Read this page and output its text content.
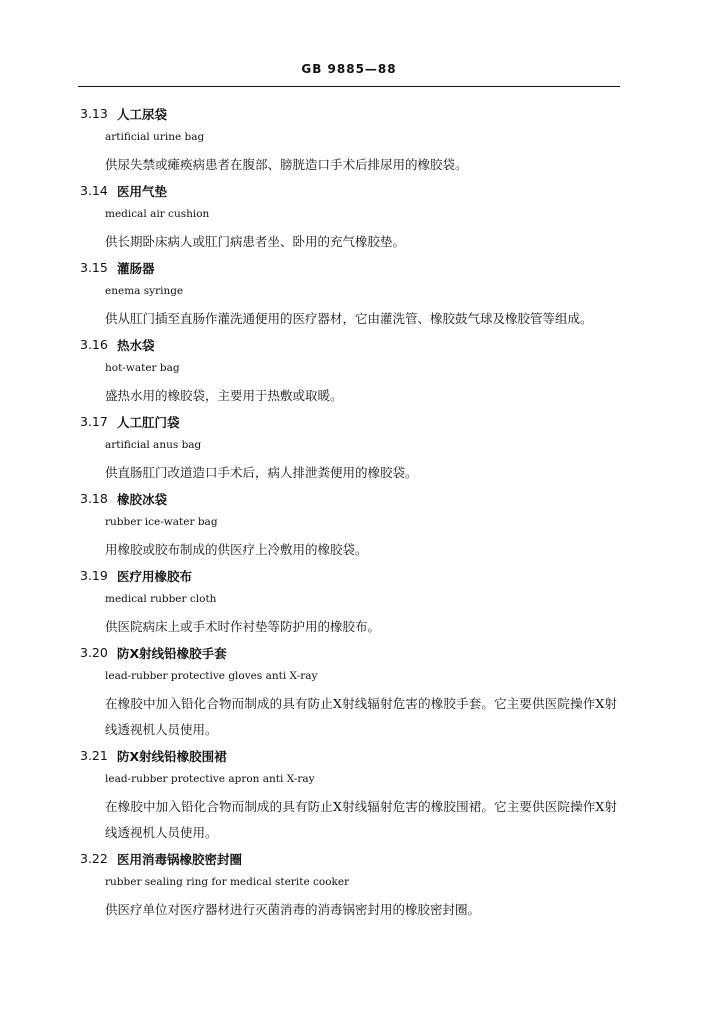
GB 9885—88
3.13 人工尿袋
artificial urine bag
供尿失禁或瘫痪病患者在腹部、膀胱造口手术后排尿用的橡胶袋。
3.14 医用气垫
medical air cushion
供长期卧床病人或肛门病患者坐、卧用的充气橡胶垫。
3.15 灌肠器
enema syringe
供从肛门插至直肠作灌洗通便用的医疗器材，它由灌洗管、橡胶鼓气球及橡胶管等组成。
3.16 热水袋
hot-water bag
盛热水用的橡胶袋，主要用于热敷或取暖。
3.17 人工肛门袋
artificial anus bag
供直肠肛门改道造口手术后，病人排泄粪便用的橡胶袋。
3.18 橡胶冰袋
rubber ice-water bag
用橡胶或胶布制成的供医疗上冷敷用的橡胶袋。
3.19 医疗用橡胶布
medical rubber cloth
供医院病床上或手术时作衬垫等防护用的橡胶布。
3.20 防X射线铅橡胶手套
lead-rubber protective gloves anti X-ray
在橡胶中加入铅化合物而制成的具有防止X射线辐射危害的橡胶手套。它主要供医院操作X射线透视机人员使用。
3.21 防X射线铅橡胶围裙
lead-rubber protective apron anti X-ray
在橡胶中加入铅化合物而制成的具有防止X射线辐射危害的橡胶围裙。它主要供医院操作X射线透视机人员使用。
3.22 医用消毒锅橡胶密封圈
rubber sealing ring for medical sterite cooker
供医疗单位对医疗器材进行灭菌消毒的消毒锅密封用的橡胶密封圈。
